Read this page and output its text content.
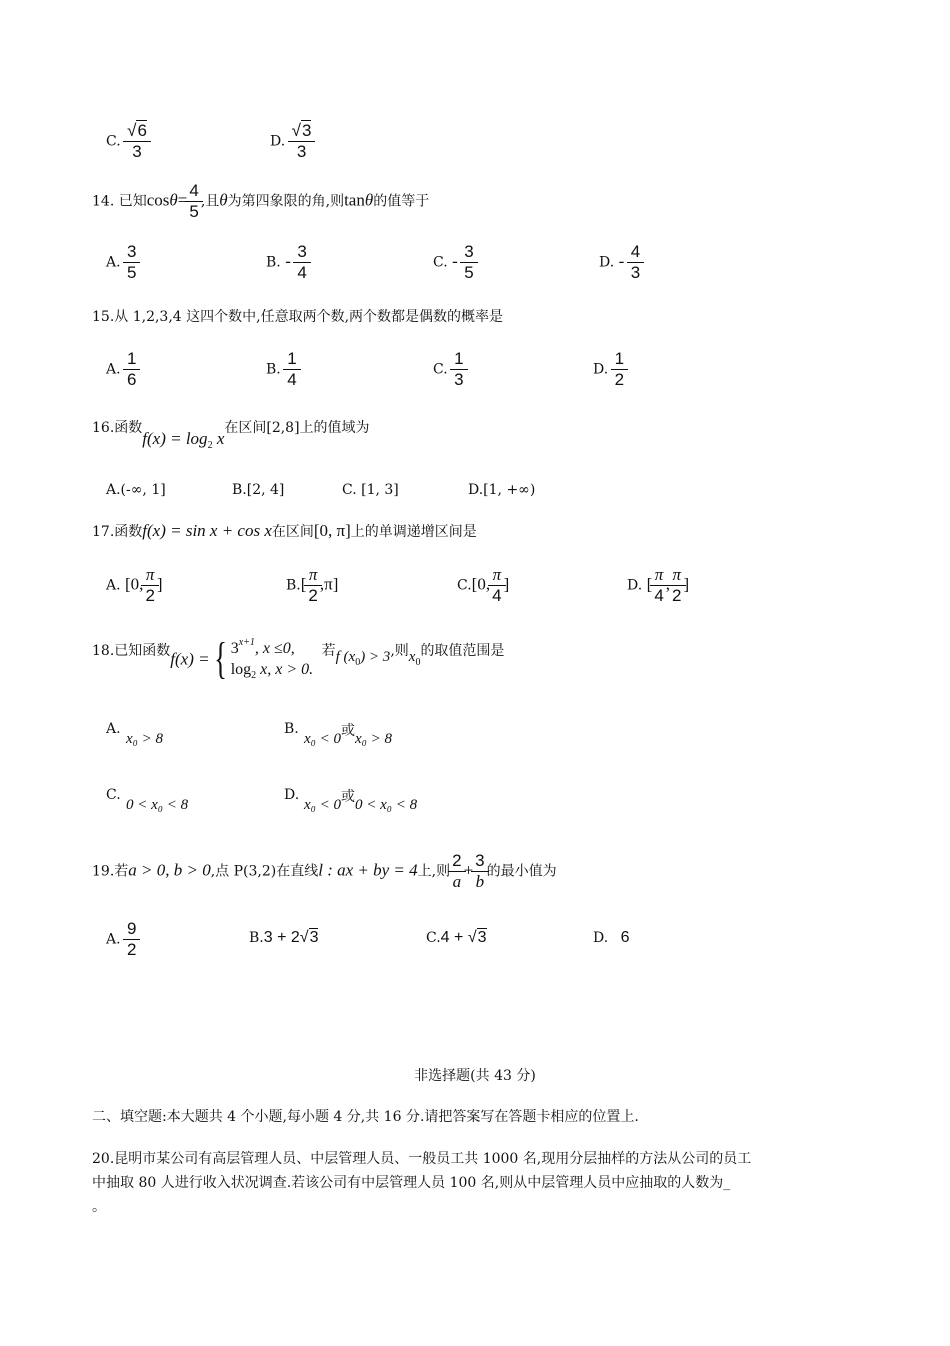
C. $\frac{√6}{3}$	D. $\frac{√3}{3}$
14. 已知$\cos\theta= \frac{4}{5}$ ,且θ为第四象限的角,则tanθ的值等于
A. $\frac{3}{5}$	B. - $\frac{3}{4}$	C. - $\frac{3}{5}$	D. - $\frac{4}{3}$
15.从 1,2,3,4 这四个数中,任意取两个数,两个数都是偶数的概率是
A. $\frac{1}{6}$	B. $\frac{1}{4}$	C. $\frac{1}{3}$	D. $\frac{1}{2}$
16.函数$f(x) = \log_2 x$在区间[2,8]上的值域为
A.(-∞, 1]	B.[2, 4]	C. [1, 3]	D.[1, +∞)
17.函数f(x) = sin x + cos x在区间[0, π]上的单调递增区间是
A. [0, $\frac{\pi}{2}$ ]	$B.[ \frac{\pi}{2} ,\pi]$	C.[0, $\frac{\pi}{4}$ ]	D. [ $\frac{\pi}{4}$ , $\frac{\pi}{2}$ ]
18.已知函数f(x) ={ $3^{x+1}$, x ≤0,
$\log_2 x$, x > 0.
若f $(x_0) > 3$,则$x_0$的取值范围是
A.
x₀ > 8
B.
x₀ < 0或x₀ > 8
C.
0 < x₀ < 8
D.
x₀ < 0或0 < x₀ < 8
19.若a > 0, b > 0,点 P(3,2)在直线l : ax + by = 4上,则 $\frac{2}{a} + \frac{3}{b}$ 的最小值为
A. $\frac{9}{2}$	B.3 + 2√3	C.4 + √3	D. 6
非选择题(共 43 分)
二、填空题:本大题共 4 个小题,每小题 4 分,共 16 分.请把答案写在答题卡相应的位置上.
20.昆明市某公司有高层管理人员、中层管理人员、一般员工共 1000 名,现用分层抽样的方法从公司的员工
中抽取 80 人进行收入状况调查.若该公司有中层管理人员 100 名,则从中层管理人员中应抽取的人数为_
。
